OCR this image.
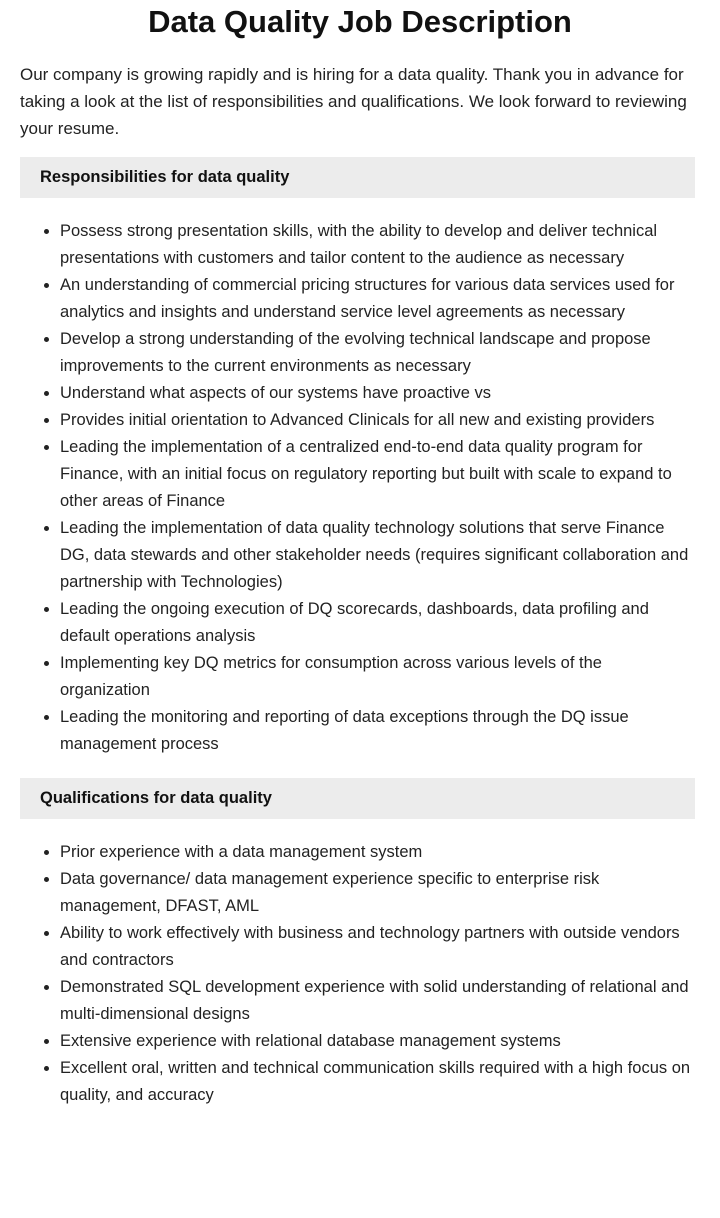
Data Quality Job Description

Our company is growing rapidly and is hiring for a data quality. Thank you in advance for taking a look at the list of responsibilities and qualifications. We look forward to reviewing your resume.

Responsibilities for data quality
• Possess strong presentation skills, with the ability to develop and deliver technical presentations with customers and tailor content to the audience as necessary
• An understanding of commercial pricing structures for various data services used for analytics and insights and understand service level agreements as necessary
• Develop a strong understanding of the evolving technical landscape and propose improvements to the current environments as necessary
• Understand what aspects of our systems have proactive vs
• Provides initial orientation to Advanced Clinicals for all new and existing providers
• Leading the implementation of a centralized end-to-end data quality program for Finance, with an initial focus on regulatory reporting but built with scale to expand to other areas of Finance
• Leading the implementation of data quality technology solutions that serve Finance DG, data stewards and other stakeholder needs (requires significant collaboration and partnership with Technologies)
• Leading the ongoing execution of DQ scorecards, dashboards, data profiling and default operations analysis
• Implementing key DQ metrics for consumption across various levels of the organization
• Leading the monitoring and reporting of data exceptions through the DQ issue management process
Qualifications for data quality
• Prior experience with a data management system
• Data governance/ data management experience specific to enterprise risk management, DFAST, AML
• Ability to work effectively with business and technology partners with outside vendors and contractors
• Demonstrated SQL development experience with solid understanding of relational and multi-dimensional designs
• Extensive experience with relational database management systems
• Excellent oral, written and technical communication skills required with a high focus on quality, and accuracy
